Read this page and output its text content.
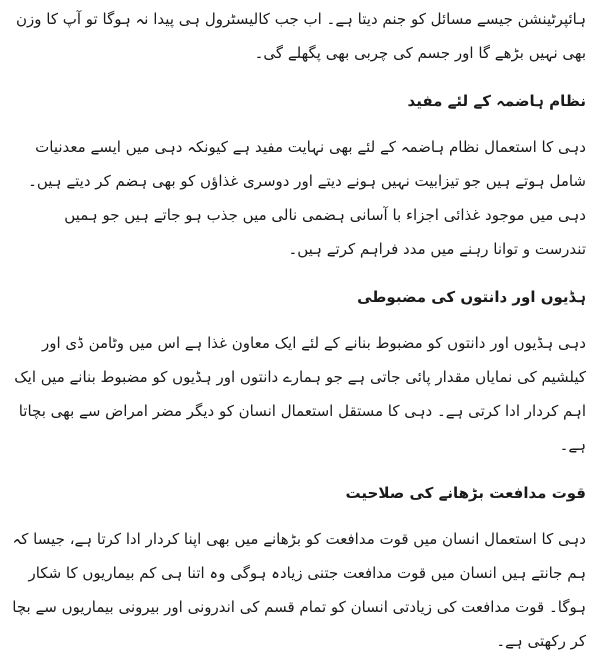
ہائپرٹینشن جیسے مسائل کو جنم دیتا ہے۔ اب جب کالیسٹرول ہی پیدا نہ ہوگا تو آپ کا وزن بھی نہیں بڑھے گا اور جسم کی چربی بھی پگھلے گی۔

نظام ہاضمہ کے لئے مفید

دہی کا استعمال نظام ہاضمہ کے لئے بھی نہایت مفید ہے کیونکہ دہی میں ایسے معدنیات شامل ہوتے ہیں جو تیزابیت نہیں ہونے دیتے اور دوسری غذاؤں کو بھی ہضم کر دیتے ہیں۔ دہی میں موجود غذائی اجزاء با آسانی ہضمی نالی میں جذب ہو جاتے ہیں جو ہمیں تندرست و توانا رہنے میں مدد فراہم کرتے ہیں۔

ہڈیوں اور دانتوں کی مضبوطی

دہی ہڈیوں اور دانتوں کو مضبوط بنانے کے لئے ایک معاون غذا ہے اس میں وٹامن ڈی اور کیلشیم کی نمایاں مقدار پائی جاتی ہے جو ہمارے دانتوں اور ہڈیوں کو مضبوط بنانے میں ایک اہم کردار ادا کرتی ہے۔ دہی کا مستقل استعمال انسان کو دیگر مضر امراض سے بھی بچاتا ہے۔

قوت مدافعت بڑھانے کی صلاحیت

دہی کا استعمال انسان میں قوت مدافعت کو بڑھانے میں بھی اپنا کردار ادا کرتا ہے، جیسا کہ ہم جانتے ہیں انسان میں قوت مدافعت جتنی زیادہ ہوگی وہ اتنا ہی کم بیماریوں کا شکار ہوگا۔ قوت مدافعت کی زیادتی انسان کو تمام قسم کی اندرونی اور بیرونی بیماریوں سے بچا کر رکھتی ہے۔
